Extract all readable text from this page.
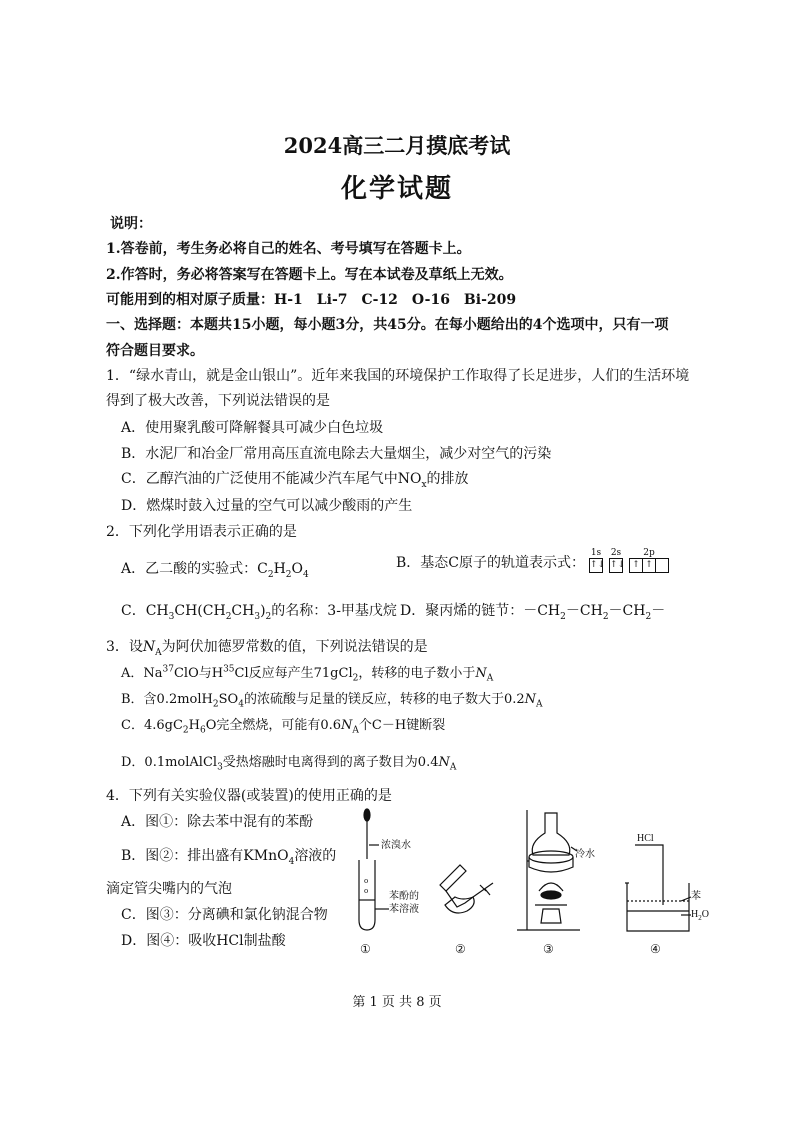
2024高三二月摸底考试
化学试题
说明：
1.答卷前，考生务必将自己的姓名、考号填写在答题卡上。
2.作答时，务必将答案写在答题卡上。写在本试卷及草纸上无效。
可能用到的相对原子质量：H-1　Li-7　C-12　O-16　Bi-209
一、选择题：本题共15小题，每小题3分，共45分。在每小题给出的4个选项中，只有一项
符合题目要求。
1．“绿水青山，就是金山银山”。近年来我国的环境保护工作取得了长足进步，人们的生活环境
得到了极大改善，下列说法错误的是
A．使用聚乳酸可降解餐具可减少白色垃圾
B．水泥厂和冶金厂常用高压直流电除去大量烟尘，减少对空气的污染
C．乙醇汽油的广泛使用不能减少汽车尾气中$NO_x$的排放
D．燃煤时鼓入过量的空气可以减少酸雨的产生
2．下列化学用语表示正确的是
A．乙二酸的实验式：$C_2H_2O_4$
B．基态C原子的轨道表示式：
1s
↑↓
2s
↑↓
2p
↑ ↑
C．$CH_3CH(CH_2CH_3)_2$的名称：3-甲基戊烷 D．聚丙烯的链节：$-CH_2-CH_2-CH_2-$
3．设$N_A$为阿伏加德罗常数的值，下列说法错误的是
A．Na$^{37}$ClO与$H^{35}Cl$反应每产生71gCl$_2$，转移的电子数小于$N_A$
B．含$0.2molH_2SO_4$的浓硫酸与足量的镁反应，转移的电子数大于$0.2N_A$
C．$4.6gC_2H_6O$完全燃烧，可能有$0.6N_A$个C－H键断裂
D．0.1molAlCl$_3$受热熔融时电离得到的离子数目为$0.4N_A$
4．下列有关实验仪器(或装置)的使用正确的是
A．图①：除去苯中混有的苯酚
B．图②：排出盛有KMnO$_4$溶液的
滴定管尖嘴内的气泡
C．图③：分离碘和氯化钠混合物
D．图④：吸收HCl制盐酸
o
o
浓溴水
苯酚的
苯溶液
冷水
HCl
苯
$H_2O$
①	②	③	④
第 1 页 共 8 页
